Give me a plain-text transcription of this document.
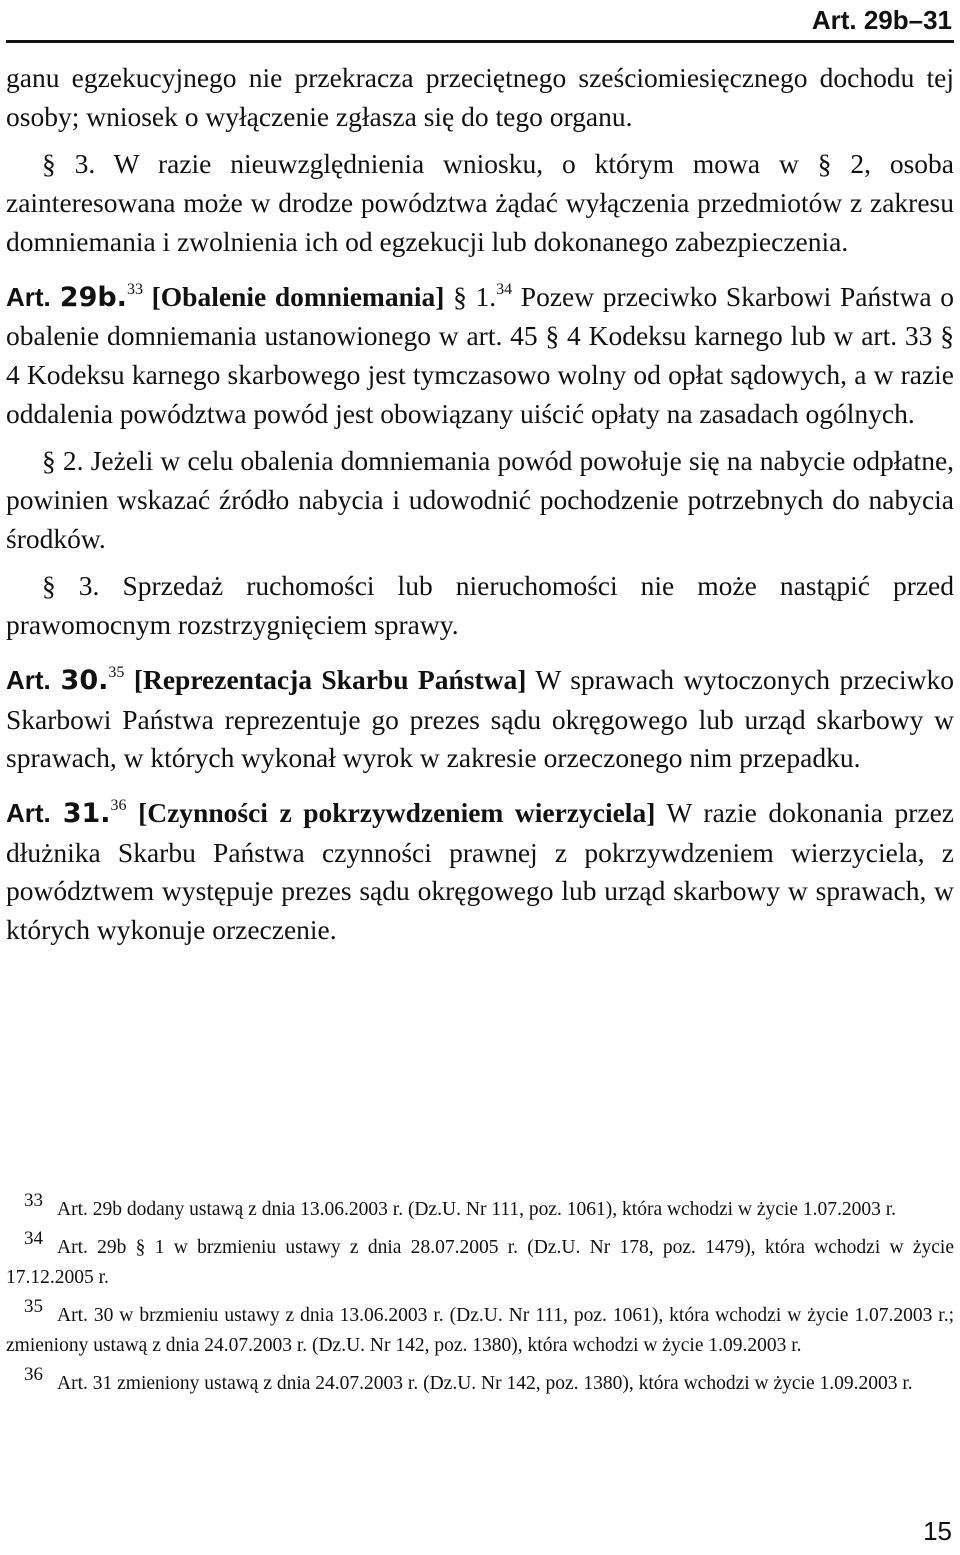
Art. 29b–31

ganu egzekucyjnego nie przekracza przeciętnego sześciomiesięcznego dochodu tej osoby; wniosek o wyłączenie zgłasza się do tego organu.

§ 3. W razie nieuwzględnienia wniosku, o którym mowa w § 2, osoba zainteresowana może w drodze powództwa żądać wyłączenia przedmiotów z zakresu domniemania i zwolnienia ich od egzekucji lub dokonanego zabezpieczenia.

Art. 29b.$^{33}$ [Obalenie domniemania] § 1.34 Pozew przeciwko Skarbowi Państwa o obalenie domniemania ustanowionego w art. 45 § 4 Kodeksu karnego lub w art. 33 § 4 Kodeksu karnego skarbowego jest tymczasowo wolny od opłat sądowych, a w razie oddalenia powództwa powód jest obowiązany uiścić opłaty na zasadach ogólnych.

§ 2. Jeżeli w celu obalenia domniemania powód powołuje się na nabycie odpłatne, powinien wskazać źródło nabycia i udowodnić pochodzenie potrzebnych do nabycia środków.

§ 3. Sprzedaż ruchomości lub nieruchomości nie może nastąpić przed prawomocnym rozstrzygnięciem sprawy.

Art. 30.35 [Reprezentacja Skarbu Państwa] W sprawach wytoczonych przeciwko Skarbowi Państwa reprezentuje go prezes sądu okręgowego lub urząd skarbowy w sprawach, w których wykonał wyrok w zakresie orzeczonego nim przepadku.

Art. 31.36 [Czynności z pokrzywdzeniem wierzyciela] W razie dokonania przez dłużnika Skarbu Państwa czynności prawnej z pokrzywdzeniem wierzyciela, z powództwem występuje prezes sądu okręgowego lub urząd skarbowy w sprawach, w których wykonuje orzeczenie.

$^{33}$ Art. 29b dodany ustawą z dnia 13.06.2003 r. (Dz.U. Nr 111, poz. 1061), która wchodzi w życie 1.07.2003 r.

$^{34}$ Art. 29b § 1 w brzmieniu ustawy z dnia 28.07.2005 r. (Dz.U. Nr 178, poz. 1479), która wchodzi w życie 17.12.2005 r.

$^{35}$ Art. 30 w brzmieniu ustawy z dnia 13.06.2003 r. (Dz.U. Nr 111, poz. 1061), która wchodzi w życie 1.07.2003 r.; zmieniony ustawą z dnia 24.07.2003 r. (Dz.U. Nr 142, poz. 1380), która wchodzi w życie 1.09.2003 r.

$^{36}$ Art. 31 zmieniony ustawą z dnia 24.07.2003 r. (Dz.U. Nr 142, poz. 1380), która wchodzi w życie 1.09.2003 r.

15
